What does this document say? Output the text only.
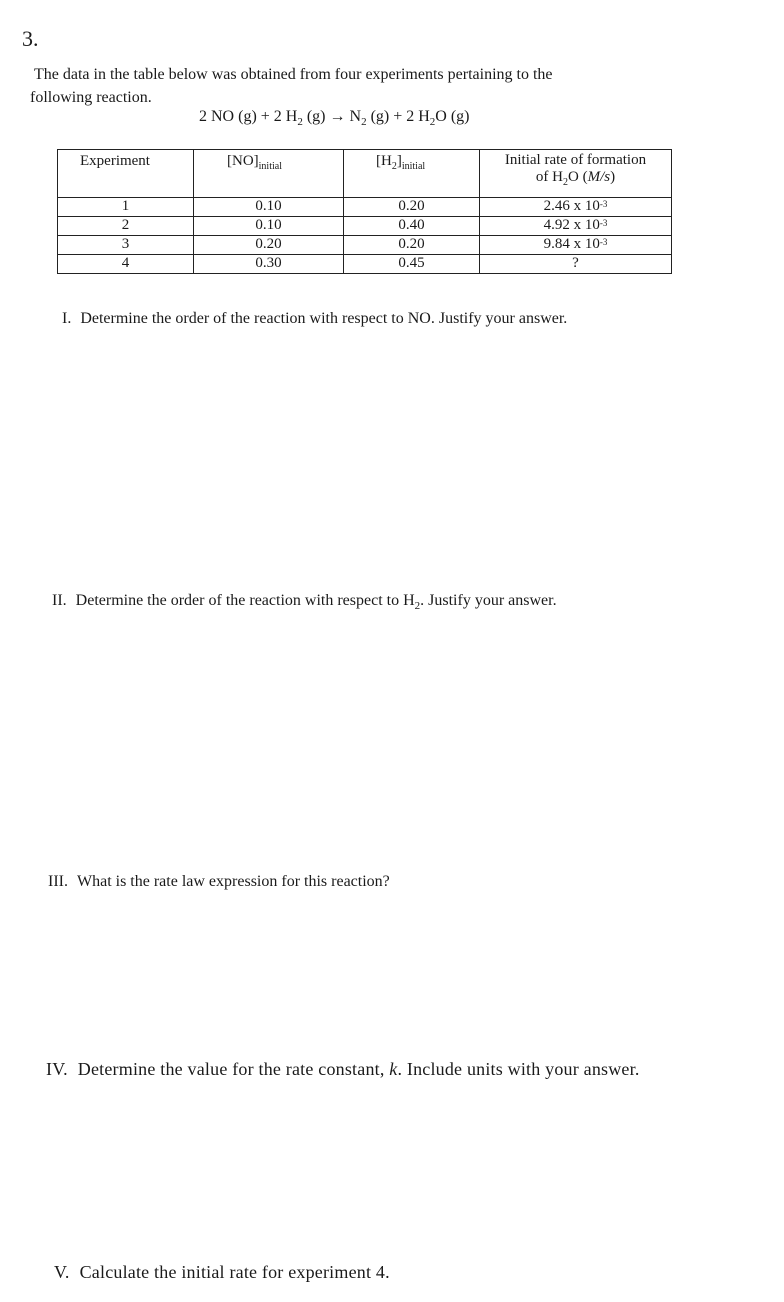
3.
The data in the table below was obtained from four experiments pertaining to the
following reaction.
2 NO (g) + 2 $H_2$ $(g) \to N_2$ (g) + 2 $H_2O$ (g)
Experiment	$[NO]_{initial}$	$[H_2]_{initial}$	Initial rate of formation
of $H_2O$ (M/s)

1	0.10	0.20	2.46 x $10^{-3}$
2	0.10	0.40	4.92 x $10^{-3}$
3	0.20	0.20	9.84 x $10^{-3}$
4	0.30	0.45	?
I. Determine the order of the reaction with respect to NO. Justify your answer.
II. Determine the order of the reaction with respect to $H_2$. Justify your answer.
III. What is the rate law expression for this reaction?
IV. Determine the value for the rate constant, k. Include units with your answer.
V. Calculate the initial rate for experiment 4.
